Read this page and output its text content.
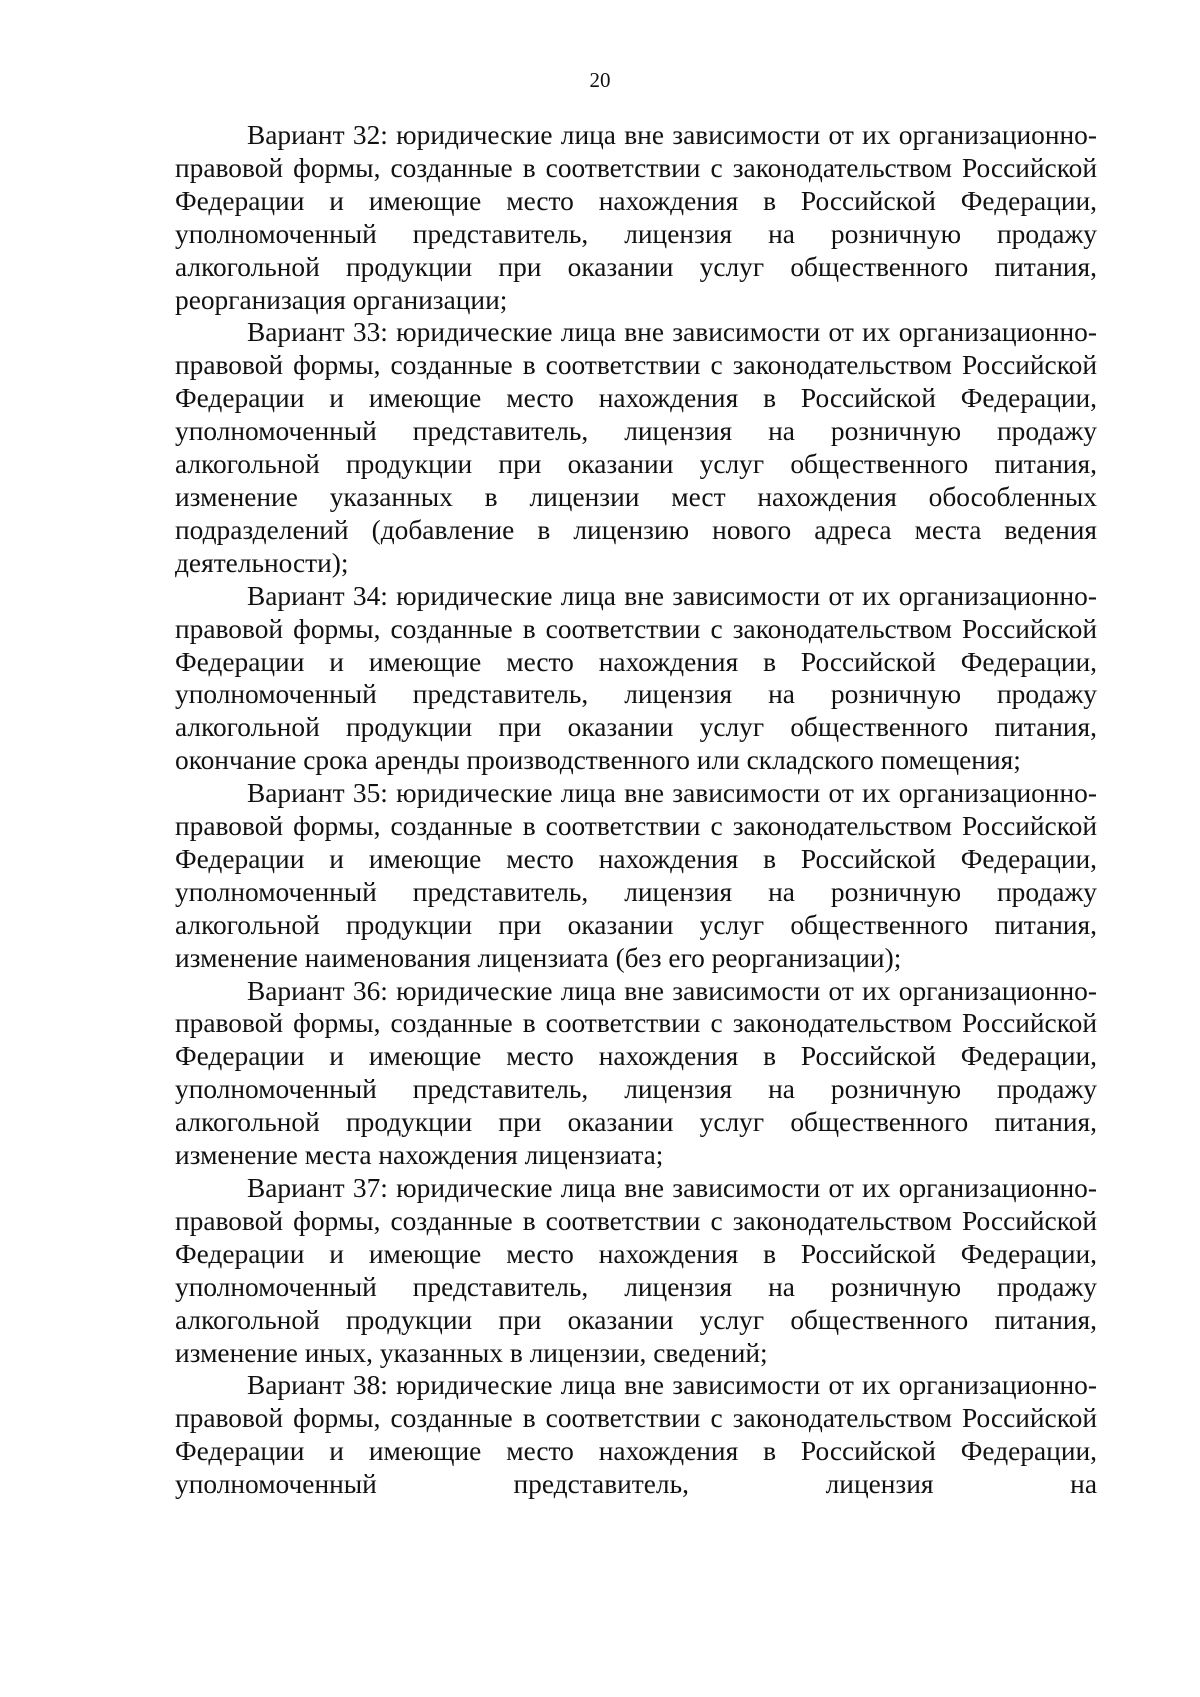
20

Вариант 32: юридические лица вне зависимости от их организационно-правовой формы, созданные в соответствии с законодательством Российской Федерации и имеющие место нахождения в Российской Федерации, уполномоченный представитель, лицензия на розничную продажу алкогольной продукции при оказании услуг общественного питания, реорганизация организации;

Вариант 33: юридические лица вне зависимости от их организационно-правовой формы, созданные в соответствии с законодательством Российской Федерации и имеющие место нахождения в Российской Федерации, уполномоченный представитель, лицензия на розничную продажу алкогольной продукции при оказании услуг общественного питания, изменение указанных в лицензии мест нахождения обособленных подразделений (добавление в лицензию нового адреса места ведения деятельности);

Вариант 34: юридические лица вне зависимости от их организационно-правовой формы, созданные в соответствии с законодательством Российской Федерации и имеющие место нахождения в Российской Федерации, уполномоченный представитель, лицензия на розничную продажу алкогольной продукции при оказании услуг общественного питания, окончание срока аренды производственного или складского помещения;

Вариант 35: юридические лица вне зависимости от их организационно-правовой формы, созданные в соответствии с законодательством Российской Федерации и имеющие место нахождения в Российской Федерации, уполномоченный представитель, лицензия на розничную продажу алкогольной продукции при оказании услуг общественного питания, изменение наименования лицензиата (без его реорганизации);

Вариант 36: юридические лица вне зависимости от их организационно-правовой формы, созданные в соответствии с законодательством Российской Федерации и имеющие место нахождения в Российской Федерации, уполномоченный представитель, лицензия на розничную продажу алкогольной продукции при оказании услуг общественного питания, изменение места нахождения лицензиата;

Вариант 37: юридические лица вне зависимости от их организационно-правовой формы, созданные в соответствии с законодательством Российской Федерации и имеющие место нахождения в Российской Федерации, уполномоченный представитель, лицензия на розничную продажу алкогольной продукции при оказании услуг общественного питания, изменение иных, указанных в лицензии, сведений;

Вариант 38: юридические лица вне зависимости от их организационно-правовой формы, созданные в соответствии с законодательством Российской Федерации и имеющие место нахождения в Российской Федерации, уполномоченный представитель, лицензия на
